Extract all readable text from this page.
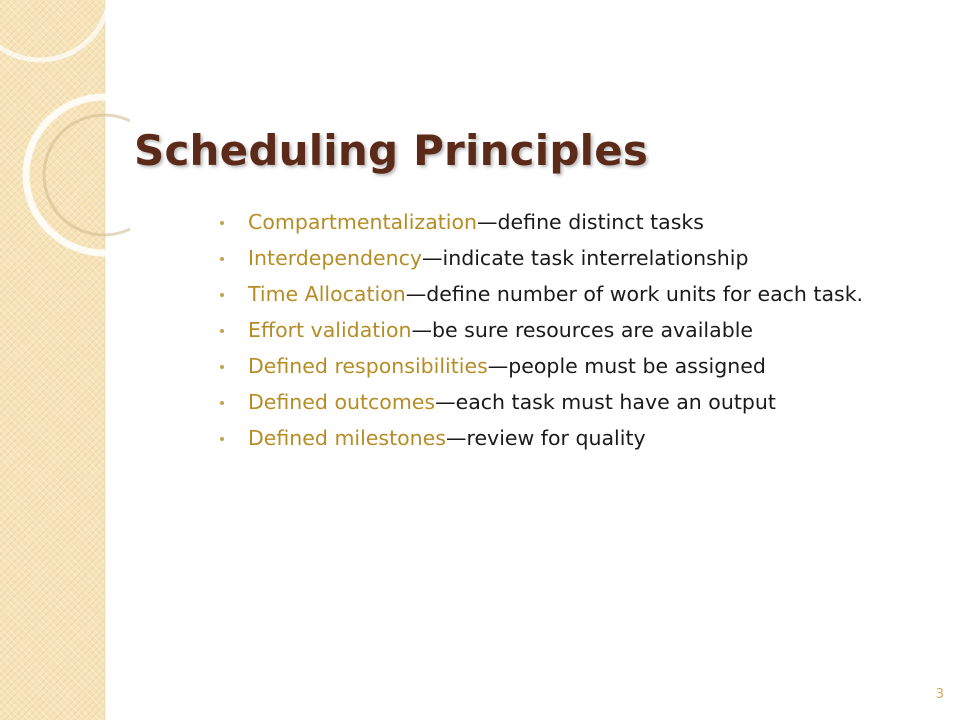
Scheduling Principles
Compartmentalization—define distinct tasks
Interdependency—indicate task interrelationship
Time Allocation—define number of work units for each task.
Effort validation—be sure resources are available
Defined responsibilities—people must be assigned
Defined outcomes—each task must have an output
Defined milestones—review for quality
3
